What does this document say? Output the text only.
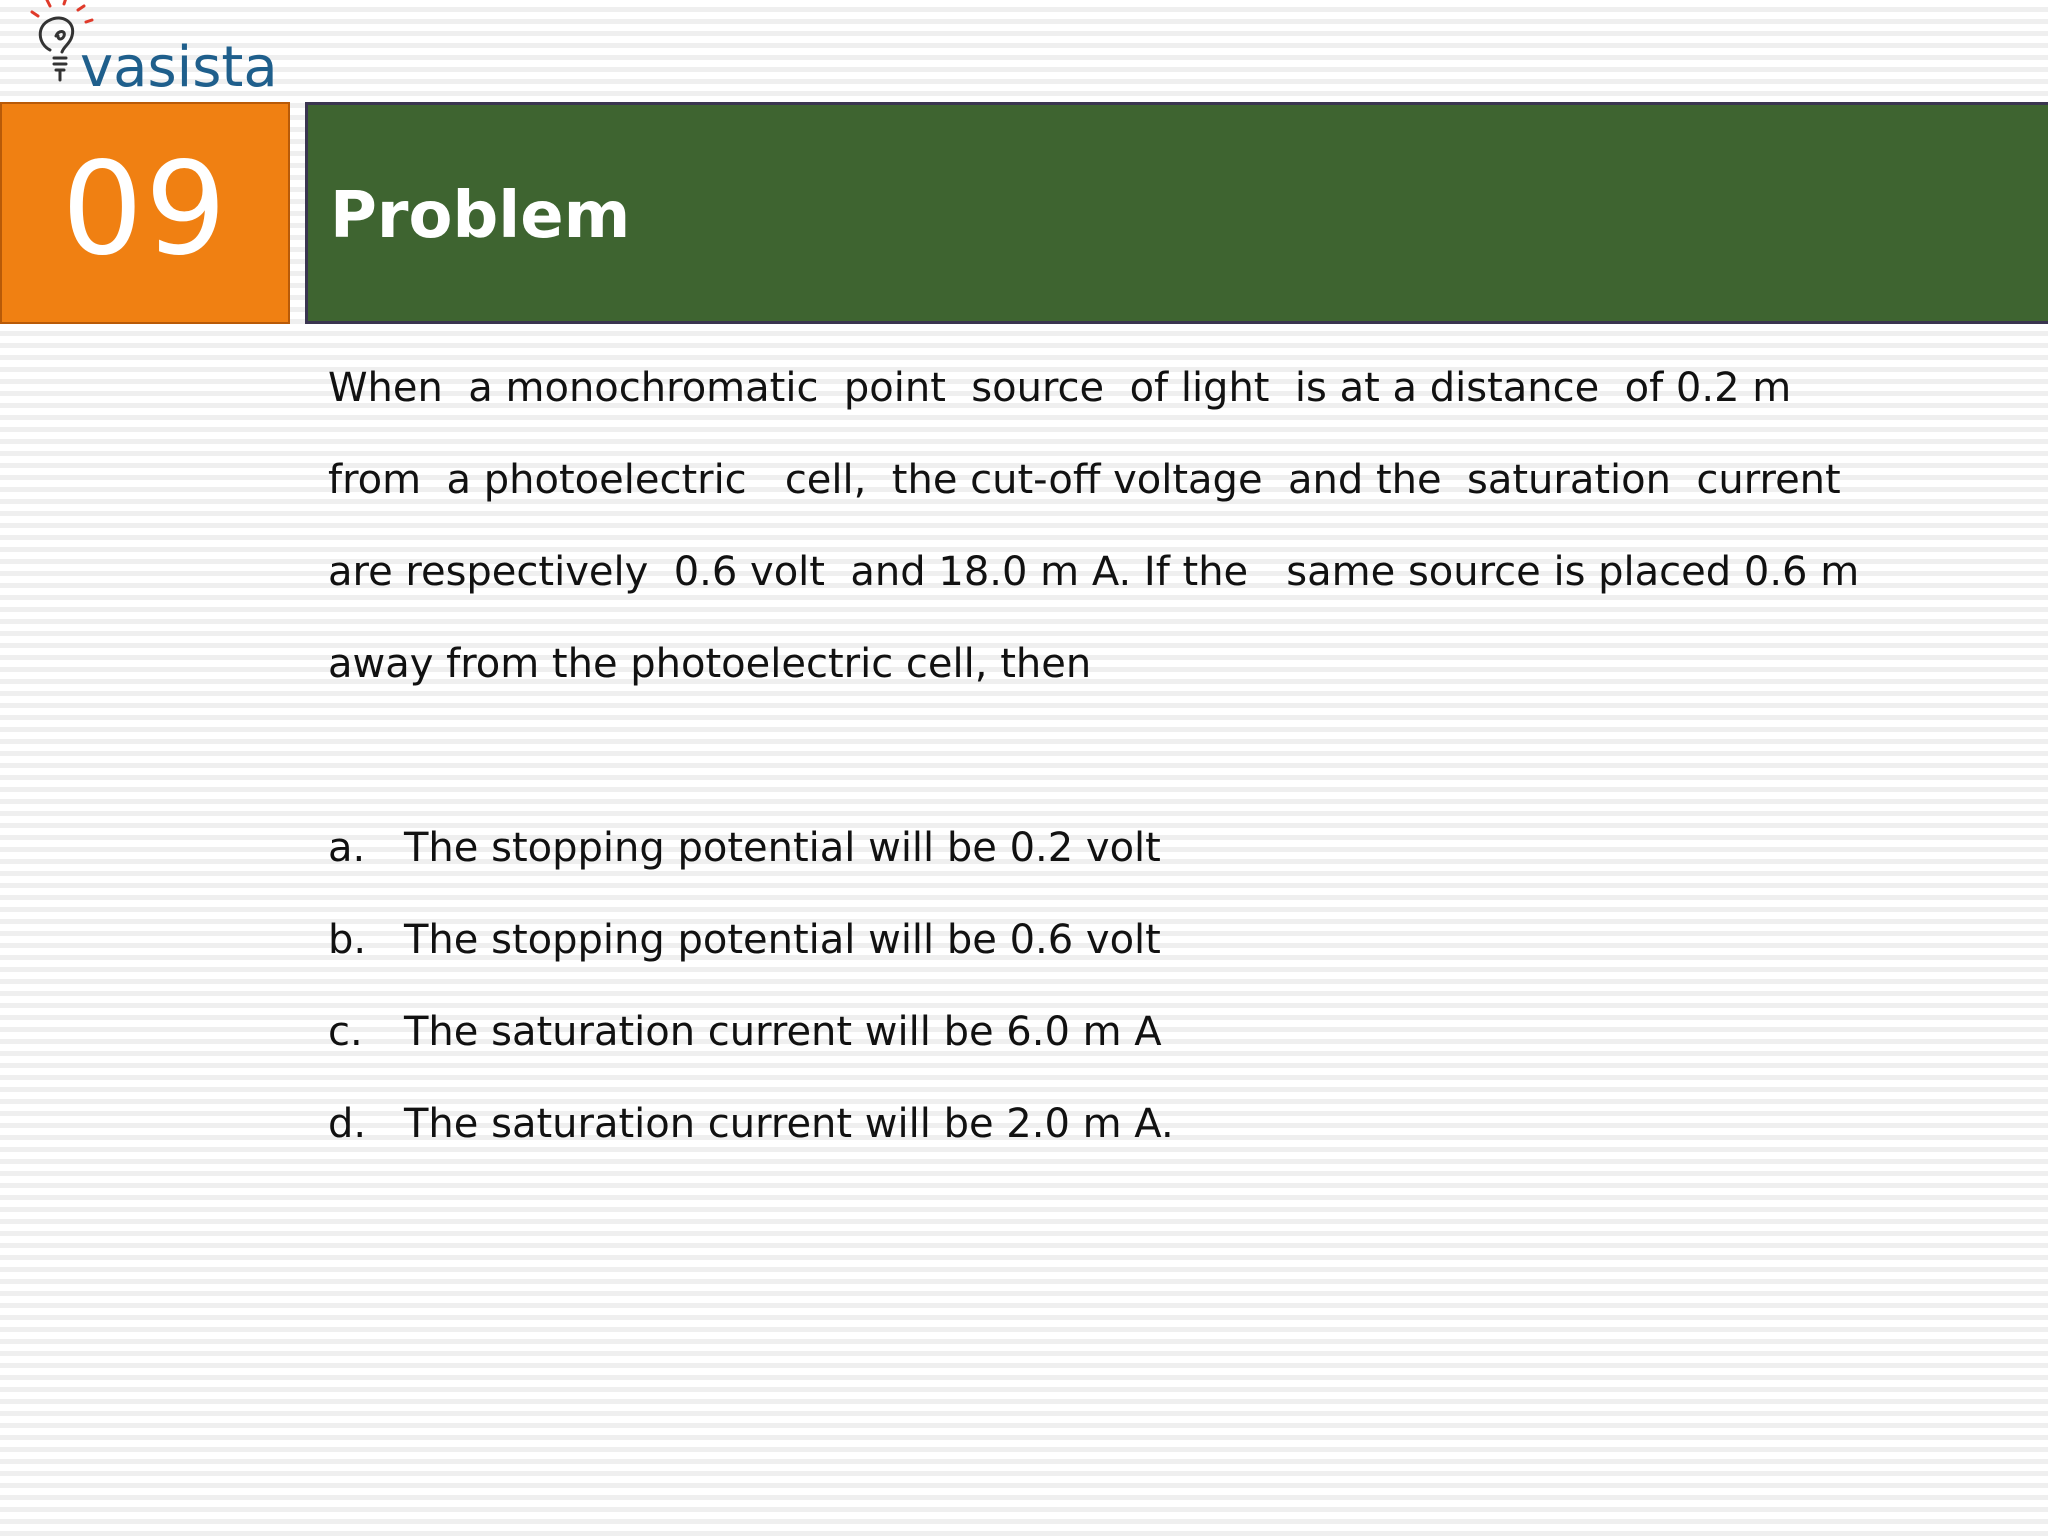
vasista
09	Problem
When  a monochromatic  point  source  of light  is at a distance  of 0.2 m
from  a photoelectric   cell,  the cut-off voltage  and the  saturation  current
are respectively  0.6 volt  and 18.0 m A. If the   same source is placed 0.6 m
away from the photoelectric cell, then
a. The stopping potential will be 0.2 volt
b. The stopping potential will be 0.6 volt
c.	The saturation current will be 6.0 m A
d. The saturation current will be 2.0 m A.
